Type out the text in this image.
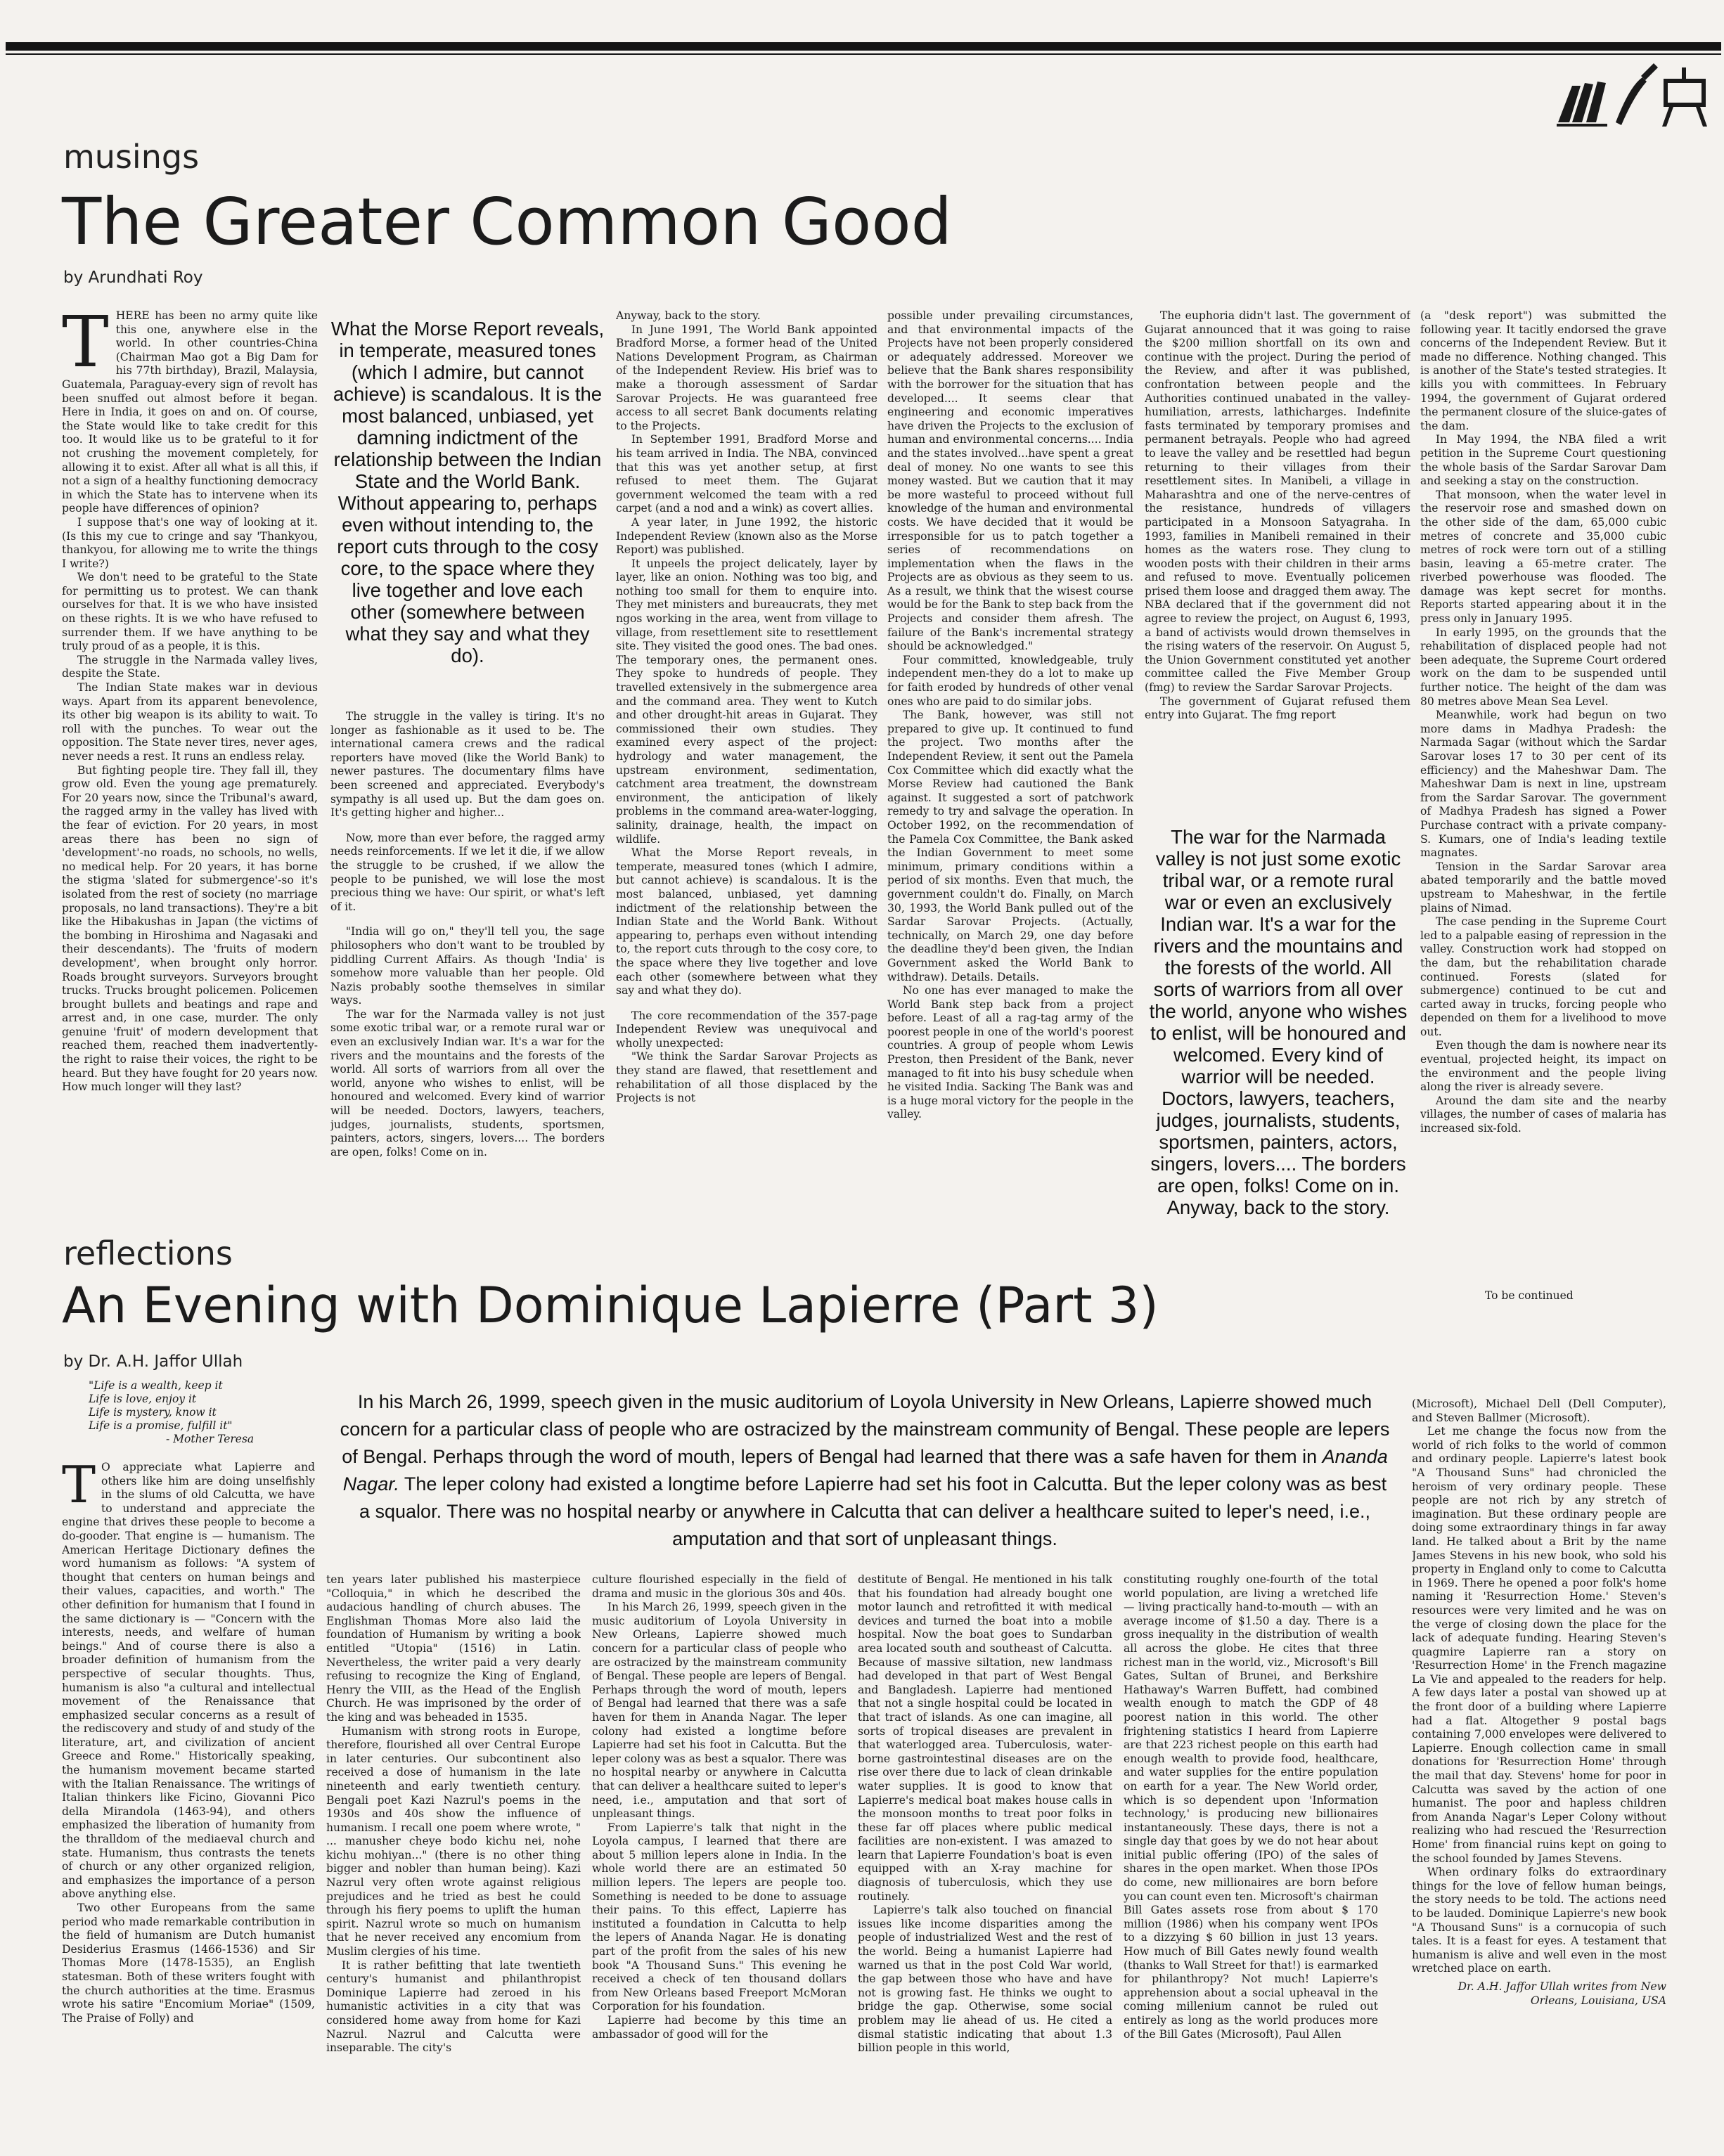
musings
The Greater Common Good
by Arundhati Roy

THERE has been no army quite like this one, anywhere else in the world. In other countries-China (Chairman Mao got a Big Dam for his 77th birthday), Brazil, Malaysia, Guatemala, Paraguay-every sign of revolt has been snuffed out almost before it began. Here in India, it goes on and on. Of course, the State would like to take credit for this too. It would like us to be grateful to it for not crushing the movement completely, for allowing it to exist. After all what is all this, if not a sign of a healthy functioning democracy in which the State has to intervene when its people have differences of opinion?

I suppose that's one way of looking at it. (Is this my cue to cringe and say 'Thankyou, thankyou, for allowing me to write the things I write?)

We don't need to be grateful to the State for permitting us to protest. We can thank ourselves for that. It is we who have insisted on these rights. It is we who have refused to surrender them. If we have anything to be truly proud of as a people, it is this.

The struggle in the Narmada valley lives, despite the State.

The Indian State makes war in devious ways. Apart from its apparent benevolence, its other big weapon is its ability to wait. To roll with the punches. To wear out the opposition. The State never tires, never ages, never needs a rest. It runs an endless relay.

But fighting people tire. They fall ill, they grow old. Even the young age prematurely. For 20 years now, since the Tribunal's award, the ragged army in the valley has lived with the fear of eviction. For 20 years, in most areas there has been no sign of 'development'-no roads, no schools, no wells, no medical help. For 20 years, it has borne the stigma 'slated for submergence'-so it's isolated from the rest of society (no marriage proposals, no land transactions). They're a bit like the Hibakushas in Japan (the victims of the bombing in Hiroshima and Nagasaki and their descendants). The 'fruits of modern development', when brought only horror. Roads brought surveyors. Surveyors brought trucks. Trucks brought policemen. Policemen brought bullets and beatings and rape and arrest and, in one case, murder. The only genuine 'fruit' of modern development that reached them, reached them inadvertently-the right to raise their voices, the right to be heard. But they have fought for 20 years now. How much longer will they last?

What the Morse Report reveals, in temperate, measured tones (which I admire, but cannot achieve) is scandalous. It is the most balanced, unbiased, yet damning indictment of the relationship between the Indian State and the World Bank. Without appearing to, perhaps even without intending to, the report cuts through to the cosy core, to the space where they live together and love each other (somewhere between what they say and what they do).

The struggle in the valley is tiring. It's no longer as fashionable as it used to be. The international camera crews and the radical reporters have moved (like the World Bank) to newer pastures. The documentary films have been screened and appreciated. Everybody's sympathy is all used up. But the dam goes on. It's getting higher and higher...

Now, more than ever before, the ragged army needs reinforcements. If we let it die, if we allow the struggle to be crushed, if we allow the people to be punished, we will lose the most precious thing we have: Our spirit, or what's left of it.

"India will go on," they'll tell you, the sage philosophers who don't want to be troubled by piddling Current Affairs. As though 'India' is somehow more valuable than her people. Old Nazis probably soothe themselves in similar ways.

The war for the Narmada valley is not just some exotic tribal war, or a remote rural war or even an exclusively Indian war. It's a war for the rivers and the mountains and the forests of the world. All sorts of warriors from all over the world, anyone who wishes to enlist, will be honoured and welcomed. Every kind of warrior will be needed. Doctors, lawyers, teachers, judges, journalists, students, sportsmen, painters, actors, singers, lovers.... The borders are open, folks! Come on in.

Anyway, back to the story.

In June 1991, The World Bank appointed Bradford Morse, a former head of the United Nations Development Program, as Chairman of the Independent Review. His brief was to make a thorough assessment of Sardar Sarovar Projects. He was guaranteed free access to all secret Bank documents relating to the Projects.

In September 1991, Bradford Morse and his team arrived in India. The NBA, convinced that this was yet another setup, at first refused to meet them. The Gujarat government welcomed the team with a red carpet (and a nod and a wink) as covert allies.

A year later, in June 1992, the historic Independent Review (known also as the Morse Report) was published.

It unpeels the project delicately, layer by layer, like an onion. Nothing was too big, and nothing too small for them to enquire into. They met ministers and bureaucrats, they met ngos working in the area, went from village to village, from resettlement site to resettlement site. They visited the good ones. The bad ones. The temporary ones, the permanent ones. They spoke to hundreds of people. They travelled extensively in the submergence area and the command area. They went to Kutch and other drought-hit areas in Gujarat. They commissioned their own studies. They examined every aspect of the project: hydrology and water management, the upstream environment, sedimentation, catchment area treatment, the downstream environment, the anticipation of likely problems in the command area-water-logging, salinity, drainage, health, the impact on wildlife.

What the Morse Report reveals, in temperate, measured tones (which I admire, but cannot achieve) is scandalous. It is the most balanced, unbiased, yet damning indictment of the relationship between the Indian State and the World Bank. Without appearing to, perhaps even without intending to, the report cuts through to the cosy core, to the space where they live together and love each other (somewhere between what they say and what they do).

The core recommendation of the 357-page Independent Review was unequivocal and wholly unexpected:

"We think the Sardar Sarovar Projects as they stand are flawed, that resettlement and rehabilitation of all those displaced by the Projects is not

possible under prevailing circumstances, and that environmental impacts of the Projects have not been properly considered or adequately addressed. Moreover we believe that the Bank shares responsibility with the borrower for the situation that has developed.... It seems clear that engineering and economic imperatives have driven the Projects to the exclusion of human and environmental concerns.... India and the states involved...have spent a great deal of money. No one wants to see this money wasted. But we caution that it may be more wasteful to proceed without full knowledge of the human and environmental costs. We have decided that it would be irresponsible for us to patch together a series of recommendations on implementation when the flaws in the Projects are as obvious as they seem to us. As a result, we think that the wisest course would be for the Bank to step back from the Projects and consider them afresh. The failure of the Bank's incremental strategy should be acknowledged."

Four committed, knowledgeable, truly independent men-they do a lot to make up for faith eroded by hundreds of other venal ones who are paid to do similar jobs.

The Bank, however, was still not prepared to give up. It continued to fund the project. Two months after the Independent Review, it sent out the Pamela Cox Committee which did exactly what the Morse Review had cautioned the Bank against. It suggested a sort of patchwork remedy to try and salvage the operation. In October 1992, on the recommendation of the Pamela Cox Committee, the Bank asked the Indian Government to meet some minimum, primary conditions within a period of six months. Even that much, the government couldn't do. Finally, on March 30, 1993, the World Bank pulled out of the Sardar Sarovar Projects. (Actually, technically, on March 29, one day before the deadline they'd been given, the Indian Government asked the World Bank to withdraw). Details. Details.

No one has ever managed to make the World Bank step back from a project before. Least of all a rag-tag army of the poorest people in one of the world's poorest countries. A group of people whom Lewis Preston, then President of the Bank, never managed to fit into his busy schedule when he visited India. Sacking The Bank was and is a huge moral victory for the people in the valley.

The euphoria didn't last. The government of Gujarat announced that it was going to raise the $200 million shortfall on its own and continue with the project. During the period of the Review, and after it was published, confrontation between people and the Authorities continued unabated in the valley-humiliation, arrests, lathicharges. Indefinite fasts terminated by temporary promises and permanent betrayals. People who had agreed to leave the valley and be resettled had begun returning to their villages from their resettlement sites. In Manibeli, a village in Maharashtra and one of the nerve-centres of the resistance, hundreds of villagers participated in a Monsoon Satyagraha. In 1993, families in Manibeli remained in their homes as the waters rose. They clung to wooden posts with their children in their arms and refused to move. Eventually policemen prised them loose and dragged them away. The NBA declared that if the government did not agree to review the project, on August 6, 1993, a band of activists would drown themselves in the rising waters of the reservoir. On August 5, the Union Government constituted yet another committee called the Five Member Group (fmg) to review the Sardar Sarovar Projects.

The government of Gujarat refused them entry into Gujarat. The fmg report

The war for the Narmada valley is not just some exotic tribal war, or a remote rural war or even an exclusively Indian war. It's a war for the rivers and the mountains and the forests of the world. All sorts of warriors from all over the world, anyone who wishes to enlist, will be honoured and welcomed. Every kind of warrior will be needed. Doctors, lawyers, teachers, judges, journalists, students, sportsmen, painters, actors, singers, lovers.... The borders are open, folks! Come on in. Anyway, back to the story.

(a "desk report") was submitted the following year. It tacitly endorsed the grave concerns of the Independent Review. But it made no difference. Nothing changed. This is another of the State's tested strategies. It kills you with committees. In February 1994, the government of Gujarat ordered the permanent closure of the sluice-gates of the dam.

In May 1994, the NBA filed a writ petition in the Supreme Court questioning the whole basis of the Sardar Sarovar Dam and seeking a stay on the construction.

That monsoon, when the water level in the reservoir rose and smashed down on the other side of the dam, 65,000 cubic metres of concrete and 35,000 cubic metres of rock were torn out of a stilling basin, leaving a 65-metre crater. The riverbed powerhouse was flooded. The damage was kept secret for months. Reports started appearing about it in the press only in January 1995.

In early 1995, on the grounds that the rehabilitation of displaced people had not been adequate, the Supreme Court ordered work on the dam to be suspended until further notice. The height of the dam was 80 metres above Mean Sea Level.

Meanwhile, work had begun on two more dams in Madhya Pradesh: the Narmada Sagar (without which the Sardar Sarovar loses 17 to 30 per cent of its efficiency) and the Maheshwar Dam. The Maheshwar Dam is next in line, upstream from the Sardar Sarovar. The government of Madhya Pradesh has signed a Power Purchase contract with a private company-S. Kumars, one of India's leading textile magnates.

Tension in the Sardar Sarovar area abated temporarily and the battle moved upstream to Maheshwar, in the fertile plains of Nimad.

The case pending in the Supreme Court led to a palpable easing of repression in the valley. Construction work had stopped on the dam, but the rehabilitation charade continued. Forests (slated for submergence) continued to be cut and carted away in trucks, forcing people who depended on them for a livelihood to move out.

Even though the dam is nowhere near its eventual, projected height, its impact on the environment and the people living along the river is already severe.

Around the dam site and the nearby villages, the number of cases of malaria has increased six-fold.

To be continued
reflections
An Evening with Dominique Lapierre (Part 3)
by Dr. A.H. Jaffor Ullah
"Life is a wealth, keep it
Life is love, enjoy it
Life is mystery, know it
Life is a promise, fulfill it"
- Mother Teresa
In his March 26, 1999, speech given in the music auditorium of Loyola University in New Orleans, Lapierre showed much concern for a particular class of people who are ostracized by the mainstream community of Bengal. These people are lepers of Bengal. Perhaps through the word of mouth, lepers of Bengal had learned that there was a safe haven for them in Ananda Nagar. The leper colony had existed a longtime before Lapierre had set his foot in Calcutta. But the leper colony was as best a squalor. There was no hospital nearby or anywhere in Calcutta that can deliver a healthcare suited to leper's need, i.e., amputation and that sort of unpleasant things.

T O appreciate what Lapierre and others like him are doing unselfishly in the slums of old Calcutta, we have to understand and appreciate the engine that drives these people to become a do-gooder. That engine is — humanism. The American Heritage Dictionary defines the word humanism as follows: "A system of thought that centers on human beings and their values, capacities, and worth." The other definition for humanism that I found in the same dictionary is — "Concern with the interests, needs, and welfare of human beings." And of course there is also a broader definition of humanism from the perspective of secular thoughts. Thus, humanism is also "a cultural and intellectual movement of the Renaissance that emphasized secular concerns as a result of the rediscovery and study of and study of the literature, art, and civilization of ancient Greece and Rome." Historically speaking, the humanism movement became started with the Italian Renaissance. The writings of Italian thinkers like Ficino, Giovanni Pico della Mirandola (1463-94), and others emphasized the liberation of humanity from the thralldom of the mediaeval church and state. Humanism, thus contrasts the tenets of church or any other organized religion, and emphasizes the importance of a person above anything else.

Two other Europeans from the same period who made remarkable contribution in the field of humanism are Dutch humanist Desiderius Erasmus (1466-1536) and Sir Thomas More (1478-1535), an English statesman. Both of these writers fought with the church authorities at the time. Erasmus wrote his satire "Encomium Moriae" (1509, The Praise of Folly) and

ten years later published his masterpiece "Colloquia," in which he described the audacious handling of church abuses. The Englishman Thomas More also laid the foundation of Humanism by writing a book entitled "Utopia" (1516) in Latin. Nevertheless, the writer paid a very dearly refusing to recognize the King of England, Henry the VIII, as the Head of the English Church. He was imprisoned by the order of the king and was beheaded in 1535.

Humanism with strong roots in Europe, therefore, flourished all over Central Europe in later centuries. Our subcontinent also received a dose of humanism in the late nineteenth and early twentieth century. Bengali poet Kazi Nazrul's poems in the 1930s and 40s show the influence of humanism. I recall one poem where wrote, " ... manusher cheye bodo kichu nei, nohe kichu mohiyan..." (there is no other thing bigger and nobler than human being). Kazi Nazrul very often wrote against religious prejudices and he tried as best he could through his fiery poems to uplift the human spirit. Nazrul wrote so much on humanism that he never received any encomium from Muslim clergies of his time.

It is rather befitting that late twentieth century's humanist and philanthropist Dominique Lapierre had zeroed in his humanistic activities in a city that was considered home away from home for Kazi Nazrul. Nazrul and Calcutta were inseparable. The city's

culture flourished especially in the field of drama and music in the glorious 30s and 40s.

In his March 26, 1999, speech given in the music auditorium of Loyola University in New Orleans, Lapierre showed much concern for a particular class of people who are ostracized by the mainstream community of Bengal. These people are lepers of Bengal. Perhaps through the word of mouth, lepers of Bengal had learned that there was a safe haven for them in Ananda Nagar. The leper colony had existed a longtime before Lapierre had set his foot in Calcutta. But the leper colony was as best a squalor. There was no hospital nearby or anywhere in Calcutta that can deliver a healthcare suited to leper's need, i.e., amputation and that sort of unpleasant things.

From Lapierre's talk that night in the Loyola campus, I learned that there are about 5 million lepers alone in India. In the whole world there are an estimated 50 million lepers. The lepers are people too. Something is needed to be done to assuage their pains. To this effect, Lapierre has instituted a foundation in Calcutta to help the lepers of Ananda Nagar. He is donating part of the profit from the sales of his new book "A Thousand Suns." This evening he received a check of ten thousand dollars from New Orleans based Freeport McMoran Corporation for his foundation.

Lapierre had become by this time an ambassador of good will for the

destitute of Bengal. He mentioned in his talk that his foundation had already bought one motor launch and retrofitted it with medical devices and turned the boat into a mobile hospital. Now the boat goes to Sundarban area located south and southeast of Calcutta. Because of massive siltation, new landmass had developed in that part of West Bengal and Bangladesh. Lapierre had mentioned that not a single hospital could be located in that tract of islands. As one can imagine, all sorts of tropical diseases are prevalent in that waterlogged area. Tuberculosis, water-borne gastrointestinal diseases are on the rise over there due to lack of clean drinkable water supplies. It is good to know that Lapierre's medical boat makes house calls in the monsoon months to treat poor folks in these far off places where public medical facilities are non-existent. I was amazed to learn that Lapierre Foundation's boat is even equipped with an X-ray machine for diagnosis of tuberculosis, which they use routinely.

Lapierre's talk also touched on financial issues like income disparities among the people of industrialized West and the rest of the world. Being a humanist Lapierre had warned us that in the post Cold War world, the gap between those who have and have not is growing fast. He thinks we ought to bridge the gap. Otherwise, some social problem may lie ahead of us. He cited a dismal statistic indicating that about 1.3 billion people in this world,

constituting roughly one-fourth of the total world population, are living a wretched life — living practically hand-to-mouth — with an average income of $1.50 a day. There is a gross inequality in the distribution of wealth all across the globe. He cites that three richest man in the world, viz., Microsoft's Bill Gates, Sultan of Brunei, and Berkshire Hathaway's Warren Buffett, had combined wealth enough to match the GDP of 48 poorest nation in this world. The other frightening statistics I heard from Lapierre are that 223 richest people on this earth had enough wealth to provide food, healthcare, and water supplies for the entire population on earth for a year. The New World order, which is so dependent upon 'Information technology,' is producing new billionaires instantaneously. These days, there is not a single day that goes by we do not hear about initial public offering (IPO) of the sales of shares in the open market. When those IPOs do come, new millionaires are born before you can count even ten. Microsoft's chairman Bill Gates assets rose from about $ 170 million (1986) when his company went IPOs to a dizzying $ 60 billion in just 13 years. How much of Bill Gates newly found wealth (thanks to Wall Street for that!) is earmarked for philanthropy? Not much! Lapierre's apprehension about a social upheaval in the coming millenium cannot be ruled out entirely as long as the world produces more of the Bill Gates (Microsoft), Paul Allen

(Microsoft), Michael Dell (Dell Computer), and Steven Ballmer (Microsoft).

Let me change the focus now from the world of rich folks to the world of common and ordinary people. Lapierre's latest book "A Thousand Suns" had chronicled the heroism of very ordinary people. These people are not rich by any stretch of imagination. But these ordinary people are doing some extraordinary things in far away land. He talked about a Brit by the name James Stevens in his new book, who sold his property in England only to come to Calcutta in 1969. There he opened a poor folk's home naming it 'Resurrection Home.' Steven's resources were very limited and he was on the verge of closing down the place for the lack of adequate funding. Hearing Steven's quagmire Lapierre ran a story on 'Resurrection Home' in the French magazine La Vie and appealed to the readers for help. A few days later a postal van showed up at the front door of a building where Lapierre had a flat. Altogether 9 postal bags containing 7,000 envelopes were delivered to Lapierre. Enough collection came in small donations for 'Resurrection Home' through the mail that day. Stevens' home for poor in Calcutta was saved by the action of one humanist. The poor and hapless children from Ananda Nagar's Leper Colony without realizing who had rescued the 'Resurrection Home' from financial ruins kept on going to the school founded by James Stevens.

When ordinary folks do extraordinary things for the love of fellow human beings, the story needs to be told. The actions need to be lauded. Dominique Lapierre's new book "A Thousand Suns" is a cornucopia of such tales. It is a feast for eyes. A testament that humanism is alive and well even in the most wretched place on earth.

Dr. A.H. Jaffor Ullah writes from New Orleans, Louisiana, USA
